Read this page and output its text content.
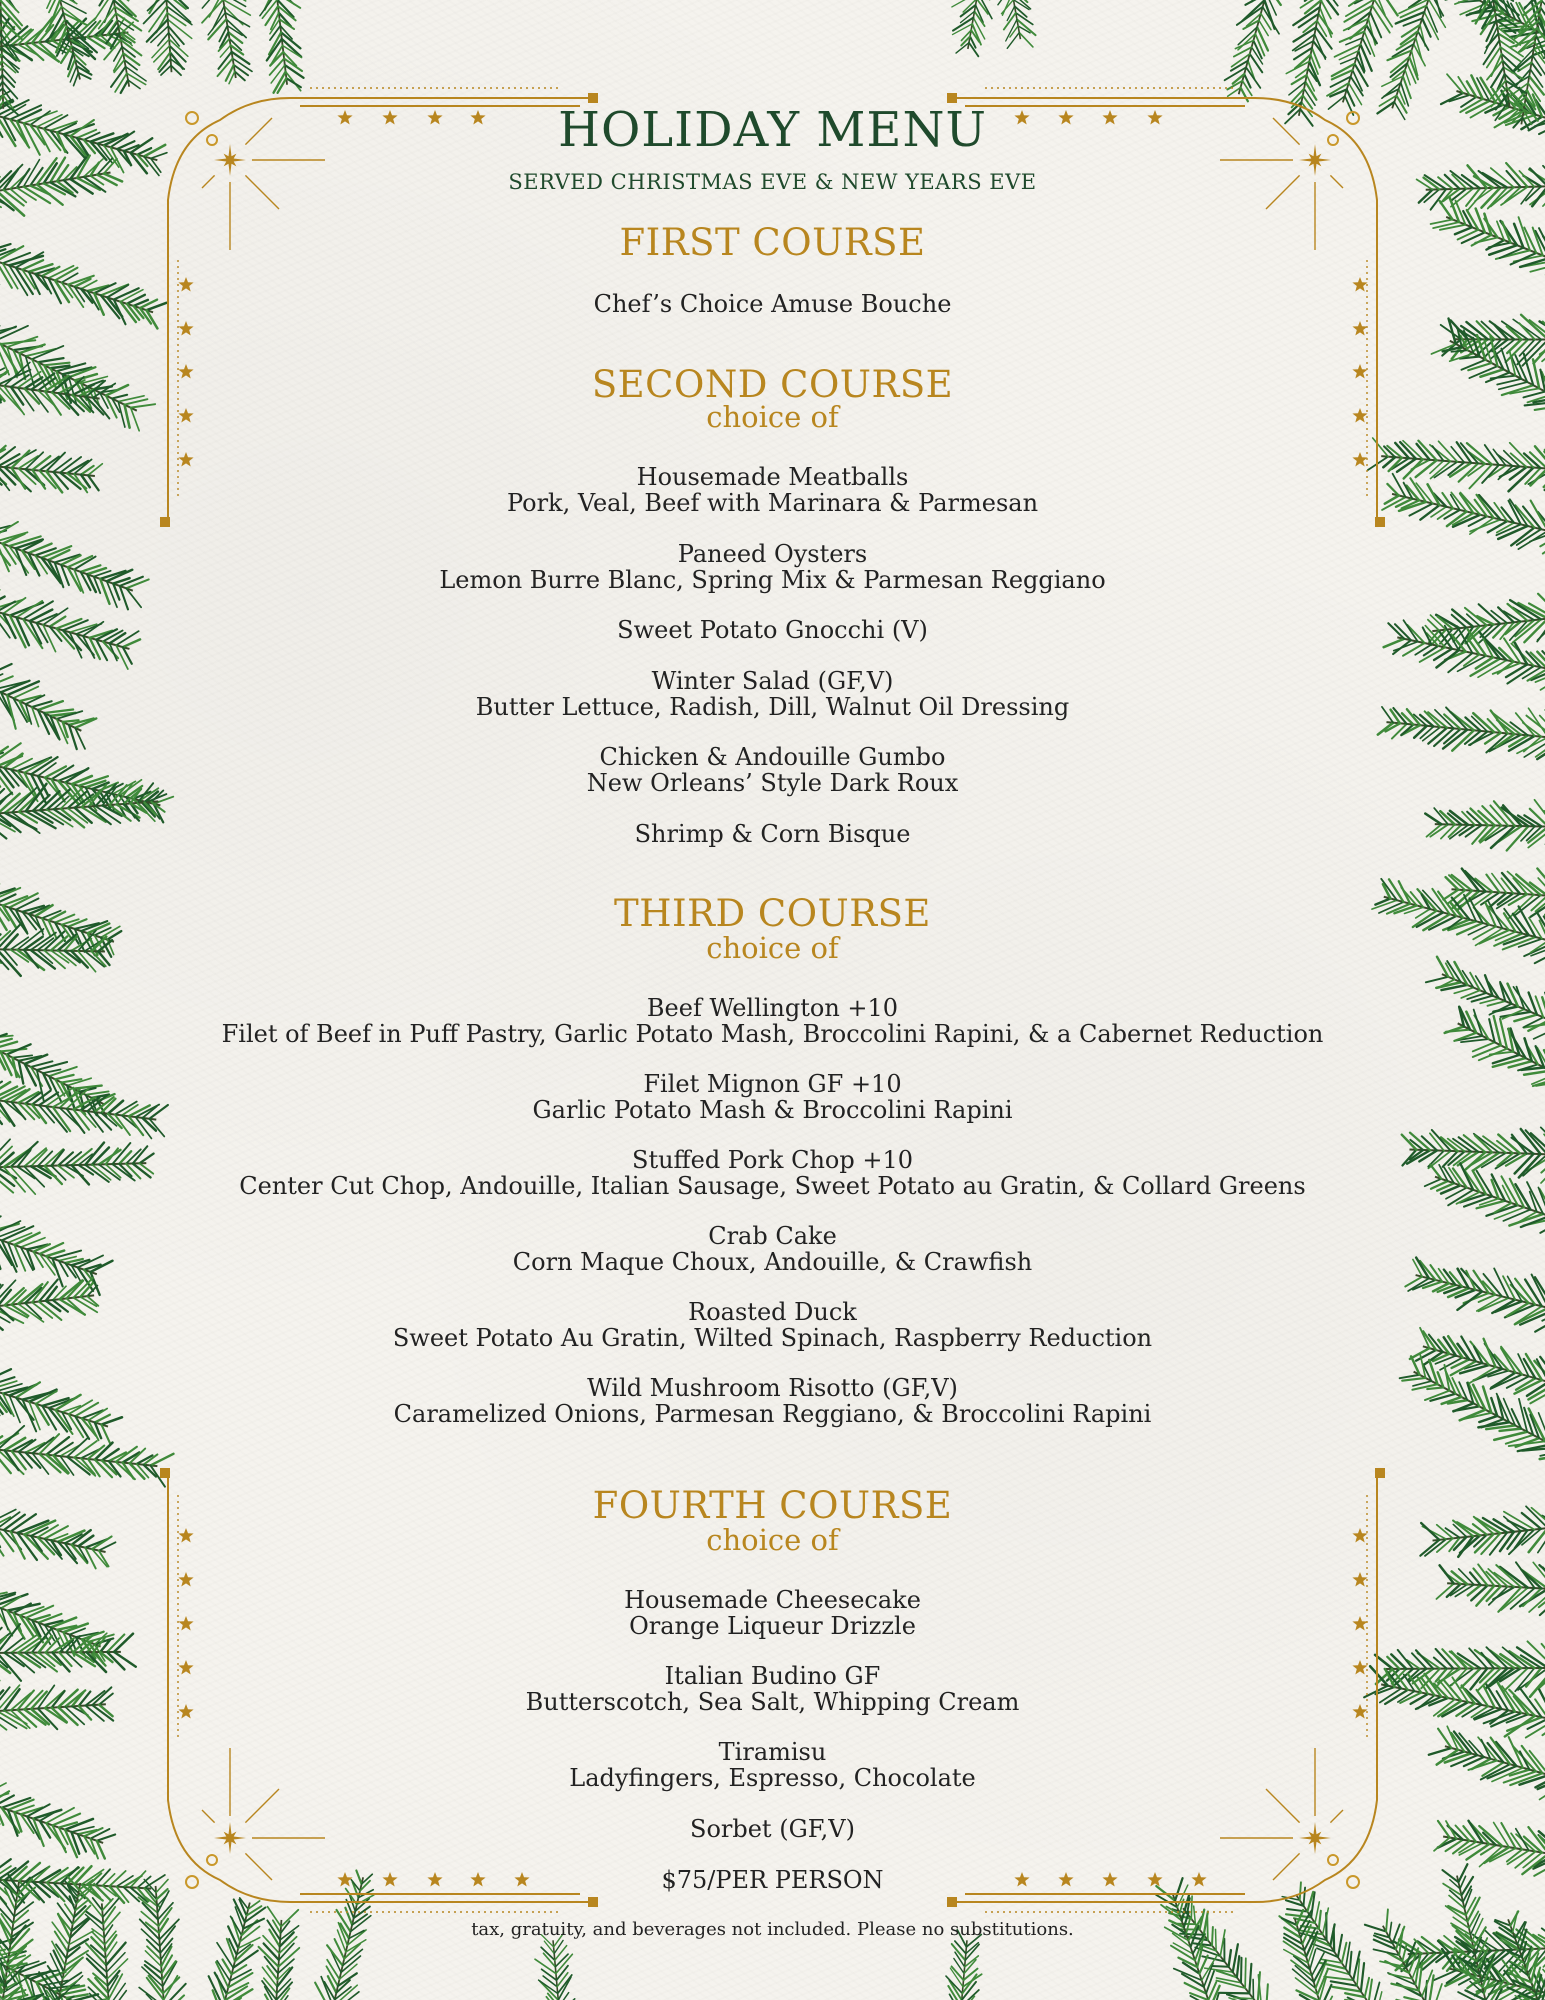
HOLIDAY MENU
SERVED CHRISTMAS EVE & NEW YEARS EVE
FIRST COURSE
Chef’s Choice Amuse Bouche
SECOND COURSE
choice of
Housemade Meatballs
Pork, Veal, Beef with Marinara & Parmesan
Paneed Oysters
Lemon Burre Blanc, Spring Mix & Parmesan Reggiano
Sweet Potato Gnocchi (V)
Winter Salad (GF,V)
Butter Lettuce, Radish, Dill, Walnut Oil Dressing
Chicken & Andouille Gumbo
New Orleans’ Style Dark Roux
Shrimp & Corn Bisque
THIRD COURSE
choice of
Beef Wellington +10
Filet of Beef in Puff Pastry, Garlic Potato Mash, Broccolini Rapini, & a Cabernet Reduction
Filet Mignon GF +10
Garlic Potato Mash & Broccolini Rapini
Stuffed Pork Chop +10
Center Cut Chop, Andouille, Italian Sausage, Sweet Potato au Gratin, & Collard Greens
Crab Cake
Corn Maque Choux, Andouille, & Crawfish
Roasted Duck
Sweet Potato Au Gratin, Wilted Spinach, Raspberry Reduction
Wild Mushroom Risotto (GF,V)
Caramelized Onions, Parmesan Reggiano, & Broccolini Rapini
FOURTH COURSE
choice of
Housemade Cheesecake
Orange Liqueur Drizzle
Italian Budino GF
Butterscotch, Sea Salt, Whipping Cream
Tiramisu
Ladyfingers, Espresso, Chocolate
Sorbet (GF,V)
$75/PER PERSON
tax, gratuity, and beverages not included. Please no substitutions.
